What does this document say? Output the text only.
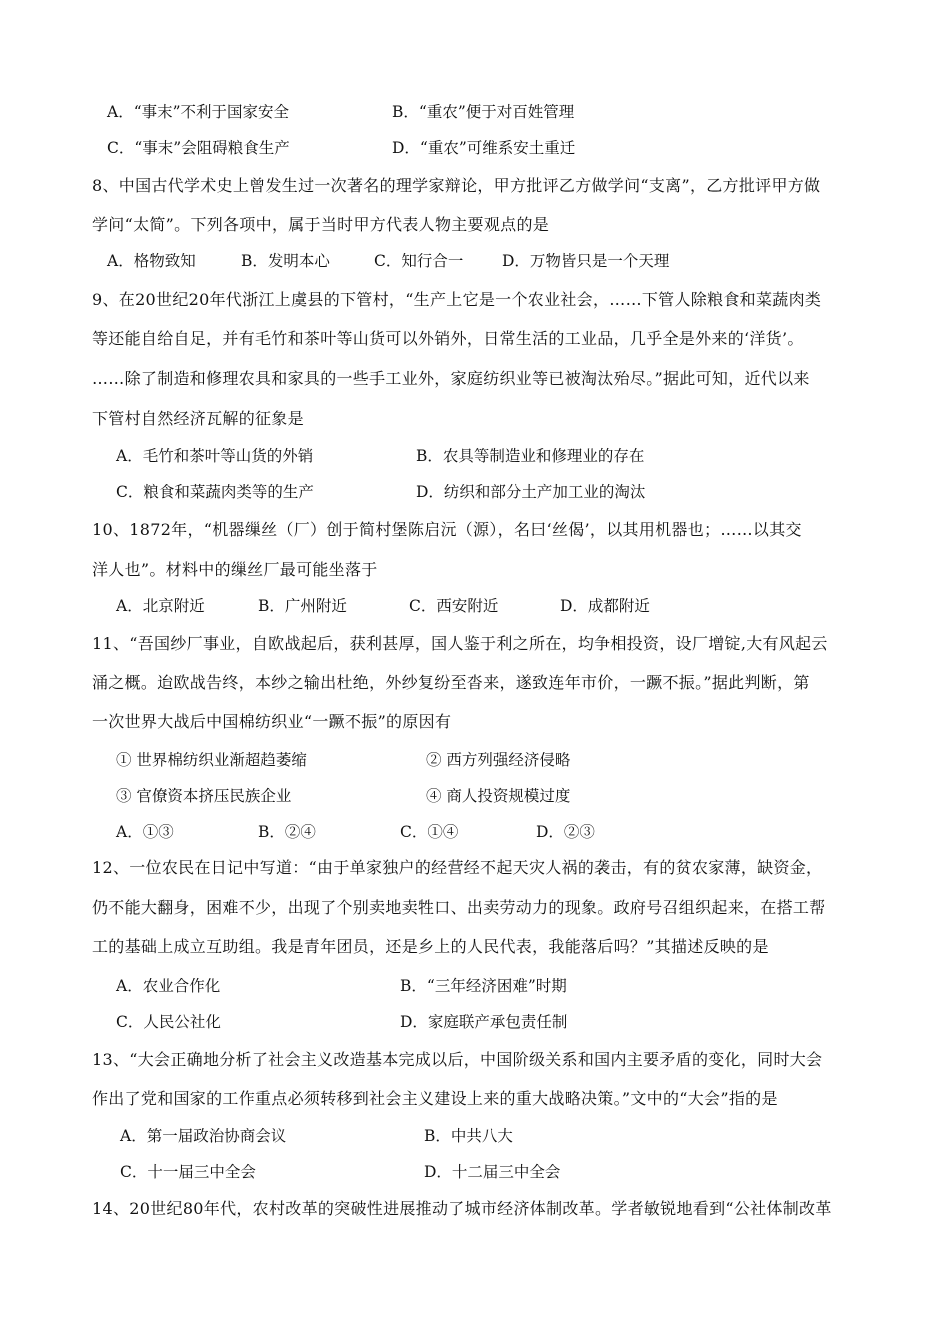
A．“事末”不利于国家安全	B．“重农”便于对百姓管理
C．“事末”会阻碍粮食生产	D．“重农”可维系安土重迁
8、中国古代学术史上曾发生过一次著名的理学家辩论，甲方批评乙方做学问“支离”，乙方批评甲方做
学问“太简”。下列各项中，属于当时甲方代表人物主要观点的是
A．格物致知	B．发明本心	C．知行合一 D．万物皆只是一个天理
9、在20世纪20年代浙江上虞县的下管村，“生产上它是一个农业社会，……下管人除粮食和菜蔬肉类
等还能自给自足，并有毛竹和茶叶等山货可以外销外，日常生活的工业品，几乎全是外来的‘洋货’。
……除了制造和修理农具和家具的一些手工业外，家庭纺织业等已被淘汰殆尽。”据此可知，近代以来
下管村自然经济瓦解的征象是
A．毛竹和茶叶等山货的外销	B．农具等制造业和修理业的存在
C．粮食和菜蔬肉类等的生产	D．纺织和部分土产加工业的淘汰
10、1872年，“机器缫丝（厂）创于简村堡陈启沅（源），名曰‘丝偈’，以其用机器也；……以其交
洋人也”。材料中的缫丝厂最可能坐落于
A．北京附近	B．广州附近	C．西安附近	D．成都附近
11、“吾国纱厂事业，自欧战起后，获利甚厚，国人鉴于利之所在，均争相投资，设厂增锭,大有风起云
涌之概。迨欧战告终，本纱之输出杜绝，外纱复纷至沓来，遂致连年市价，一蹶不振。”据此判断，第
一次世界大战后中国棉纺织业“一蹶不振”的原因有
① 世界棉纺织业渐超趋萎缩	② 西方列强经济侵略
③ 官僚资本挤压民族企业	④ 商人投资规模过度
A．①③	B．②④	C．①④	D．②③
12、一位农民在日记中写道：“由于单家独户的经营经不起天灾人祸的袭击，有的贫农家薄，缺资金，
仍不能大翻身，困难不少，出现了个别卖地卖牲口、出卖劳动力的现象。政府号召组织起来，在搭工帮
工的基础上成立互助组。我是青年团员，还是乡上的人民代表，我能落后吗？”其描述反映的是
A．农业合作化	B．“三年经济困难”时期
C．人民公社化	D．家庭联产承包责任制
13、“大会正确地分析了社会主义改造基本完成以后，中国阶级关系和国内主要矛盾的变化，同时大会
作出了党和国家的工作重点必须转移到社会主义建设上来的重大战略决策。”文中的“大会”指的是
A．第一届政治协商会议	B．中共八大
C．十一届三中全会	D．十二届三中全会
14、20世纪80年代，农村改革的突破性进展推动了城市经济体制改革。学者敏锐地看到“公社体制改革
